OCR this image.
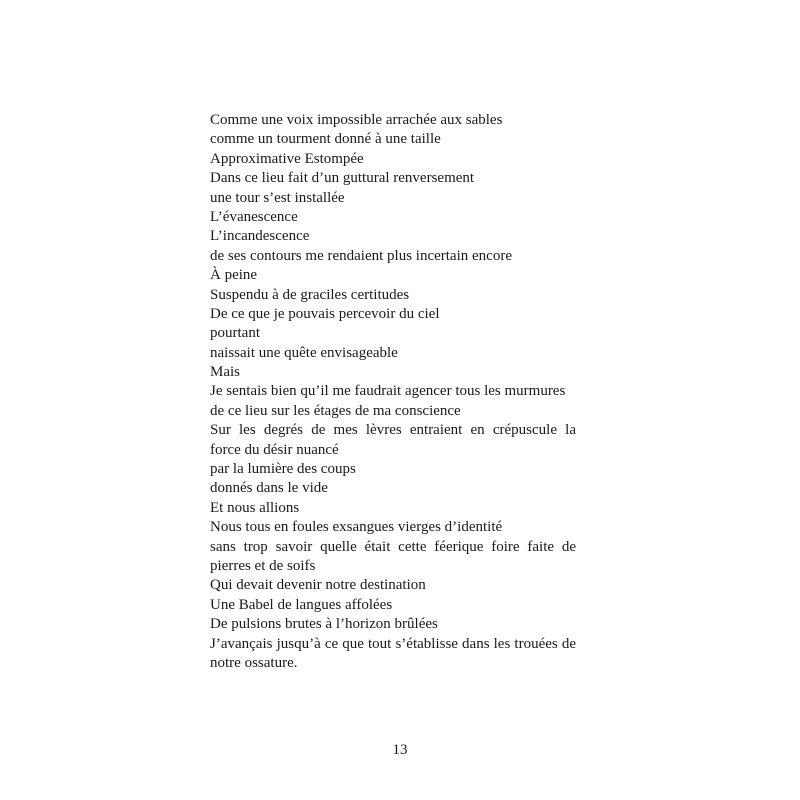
Comme une voix impossible arrachée aux sables
comme un tourment donné à une taille
Approximative Estompée
Dans ce lieu fait d’un guttural renversement
une tour s’est installée
L’évanescence
L’incandescence
de ses contours me rendaient plus incertain encore
À peine
Suspendu à de graciles certitudes
De ce que je pouvais percevoir du ciel
pourtant
naissait une quête envisageable
Mais
Je sentais bien qu’il me faudrait agencer tous les murmures
de ce lieu sur les étages de ma conscience
Sur les degrés de mes lèvres entraient en crépuscule la
force du désir nuancé
par la lumière des coups
donnés dans le vide
Et nous allions
Nous tous en foules exsangues vierges d’identité
sans trop savoir quelle était cette féerique foire faite de
pierres et de soifs
Qui devait devenir notre destination
Une Babel de langues affolées
De pulsions brutes à l’horizon brûlées
J’avançais jusqu’à ce que tout s’établisse dans les trouées de
notre ossature.
13
